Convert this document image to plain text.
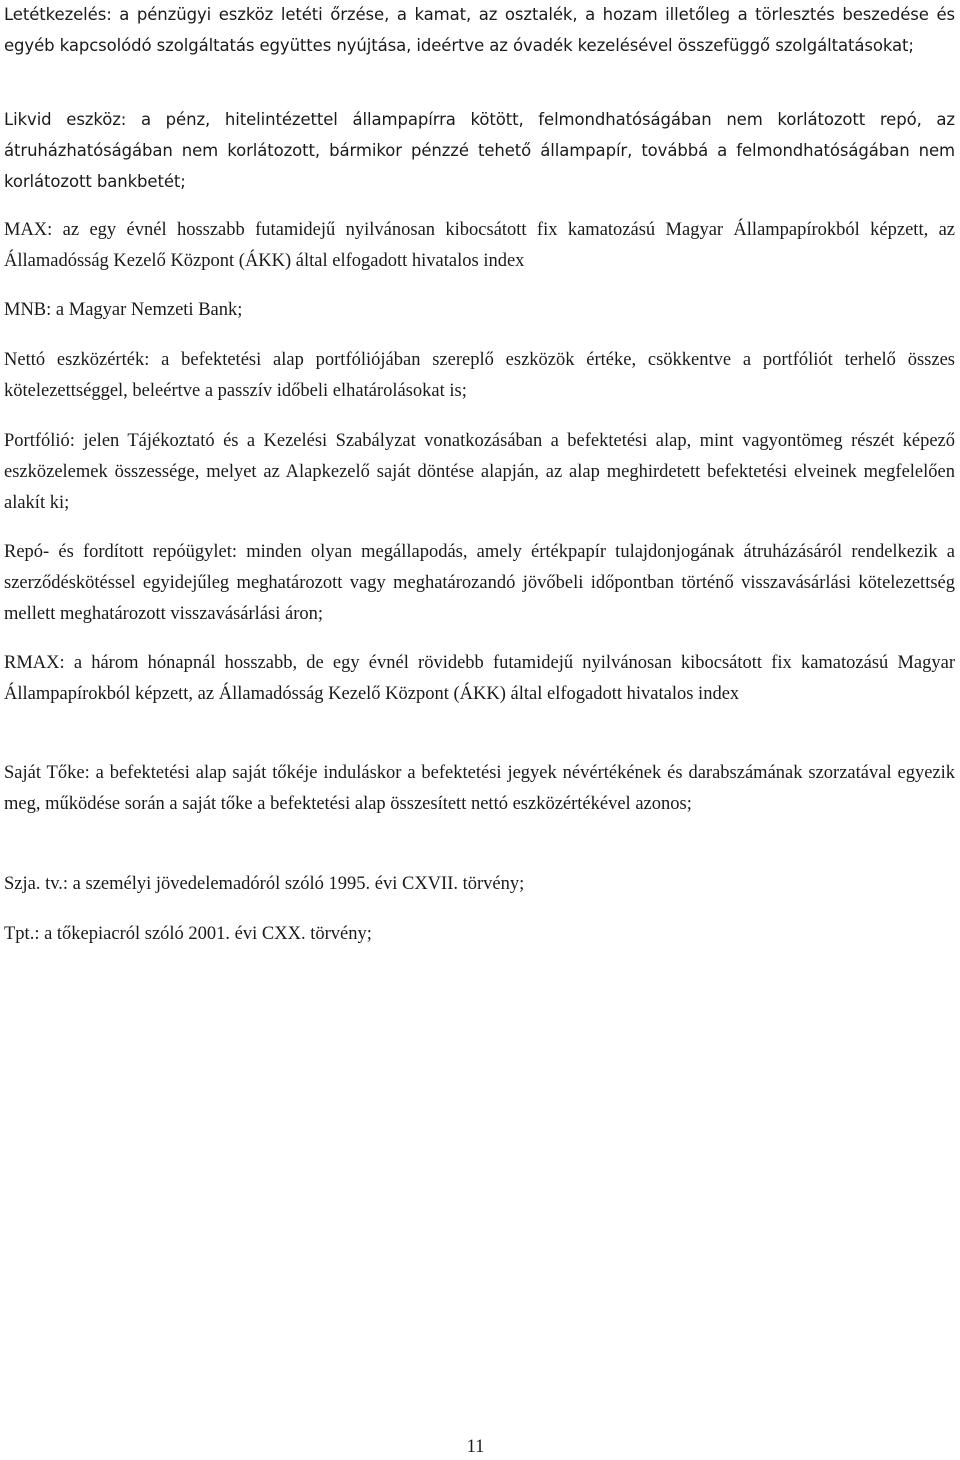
Letétkezelés: a pénzügyi eszköz letéti őrzése, a kamat, az osztalék, a hozam illetőleg a törlesztés beszedése és egyéb kapcsolódó szolgáltatás együttes nyújtása, ideértve az óvadék kezelésével összefüggő szolgáltatásokat;

Likvid eszköz: a pénz, hitelintézettel állampapírra kötött, felmondhatóságában nem korlátozott repó, az átruházhatóságában nem korlátozott, bármikor pénzzé tehető állampapír, továbbá a felmondhatóságában nem korlátozott bankbetét;

MAX: az egy évnél hosszabb futamidejű nyilvánosan kibocsátott fix kamatozású Magyar Állampapírokból képzett, az Államadósság Kezelő Központ (ÁKK) által elfogadott hivatalos index

MNB: a Magyar Nemzeti Bank;

Nettó eszközérték: a befektetési alap portfóliójában szereplő eszközök értéke, csökkentve a portfóliót terhelő összes kötelezettséggel, beleértve a passzív időbeli elhatárolásokat is;

Portfólió: jelen Tájékoztató és a Kezelési Szabályzat vonatkozásában a befektetési alap, mint vagyontömeg részét képező eszközelemek összessége, melyet az Alapkezelő saját döntése alapján, az alap meghirdetett befektetési elveinek megfelelően alakít ki;

Repó- és fordított repóügylet: minden olyan megállapodás, amely értékpapír tulajdonjogának átruházásáról rendelkezik a szerződéskötéssel egyidejűleg meghatározott vagy meghatározandó jövőbeli időpontban történő visszavásárlási kötelezettség mellett meghatározott visszavásárlási áron;

RMAX: a három hónapnál hosszabb, de egy évnél rövidebb futamidejű nyilvánosan kibocsátott fix kamatozású Magyar Állampapírokból képzett, az Államadósság Kezelő Központ (ÁKK) által elfogadott hivatalos index

Saját Tőke: a befektetési alap saját tőkéje induláskor a befektetési jegyek névértékének és darabszámának szorzatával egyezik meg, működése során a saját tőke a befektetési alap összesített nettó eszközértékével azonos;

Szja. tv.: a személyi jövedelemadóról szóló 1995. évi CXVII. törvény;

Tpt.: a tőkepiacról szóló 2001. évi CXX. törvény;

11
